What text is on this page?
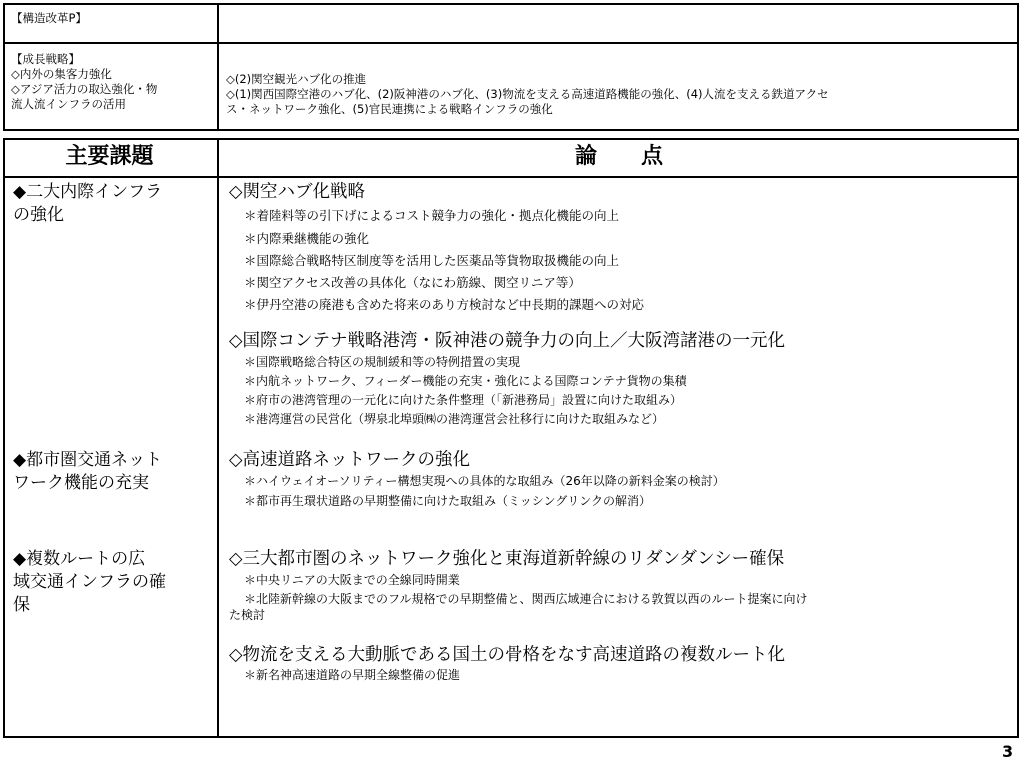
【構造改革P】
【成長戦略】
◇内外の集客力強化
◇アジア活力の取込強化・物
流人流インフラの活用
◇(2)関空観光ハブ化の推進
◇(1)関西国際空港のハブ化、(2)阪神港のハブ化、(3)物流を支える高速道路機能の強化、(4)人流を支える鉄道アクセ
ス・ネットワーク強化、(5)官民連携による戦略インフラの強化
主要課題	論　　点
◆二大内際インフラ
の強化
◆都市圏交通ネット
ワーク機能の充実
◆複数ルートの広
域交通インフラの確
保
◇関空ハブ化戦略
＊着陸料等の引下げによるコスト競争力の強化・拠点化機能の向上
＊内際乗継機能の強化
＊国際総合戦略特区制度等を活用した医薬品等貨物取扱機能の向上
＊関空アクセス改善の具体化（なにわ筋線、関空リニア等）
＊伊丹空港の廃港も含めた将来のあり方検討など中長期的課題への対応
◇国際コンテナ戦略港湾・阪神港の競争力の向上／大阪湾諸港の一元化
＊国際戦略総合特区の規制緩和等の特例措置の実現
＊内航ネットワーク、フィーダー機能の充実・強化による国際コンテナ貨物の集積
＊府市の港湾管理の一元化に向けた条件整理（「新港務局」設置に向けた取組み）
＊港湾運営の民営化（堺泉北埠頭㈱の港湾運営会社移行に向けた取組みなど）
◇高速道路ネットワークの強化
＊ハイウェイオーソリティー構想実現への具体的な取組み（26年以降の新料金案の検討）
＊都市再生環状道路の早期整備に向けた取組み（ミッシングリンクの解消）
◇三大都市圏のネットワーク強化と東海道新幹線のリダンダンシー確保
＊中央リニアの大阪までの全線同時開業
＊北陸新幹線の大阪までのフル規格での早期整備と、関西広域連合における敦賀以西のルート提案に向け
た検討
◇物流を支える大動脈である国土の骨格をなす高速道路の複数ルート化
＊新名神高速道路の早期全線整備の促進
3
